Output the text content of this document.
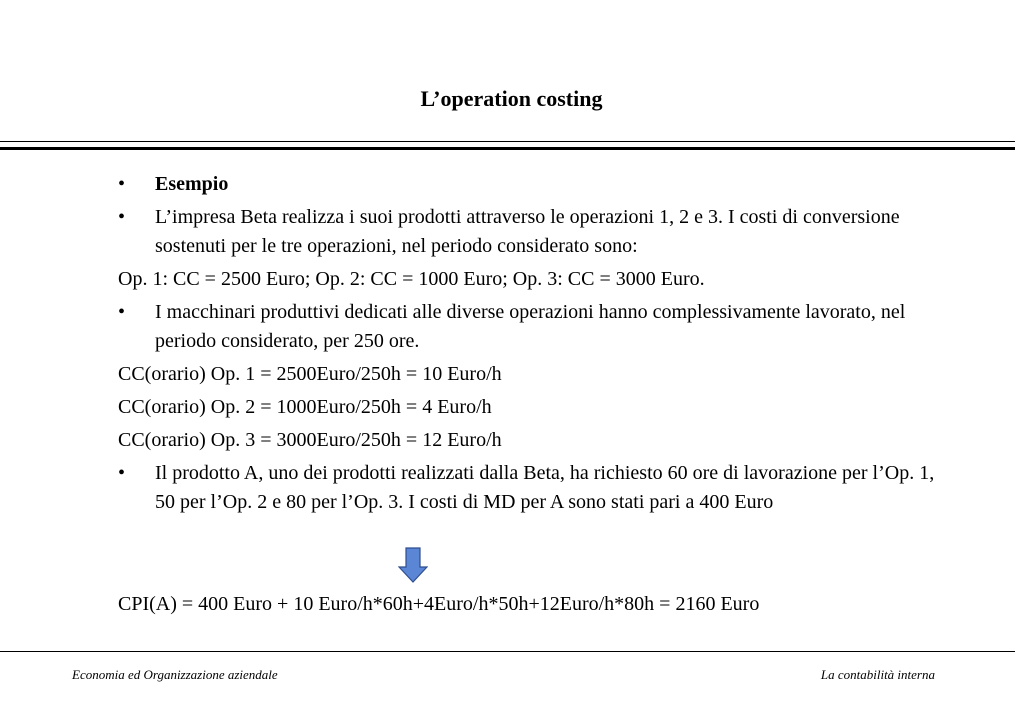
L’operation costing
• Esempio
• L’impresa Beta realizza i suoi prodotti attraverso le operazioni 1, 2 e 3. I costi di conversione sostenuti per le tre operazioni, nel periodo considerato sono:
Op. 1: CC = 2500 Euro; Op. 2: CC = 1000 Euro; Op. 3: CC = 3000 Euro.
• I macchinari produttivi dedicati alle diverse operazioni hanno complessivamente lavorato, nel periodo considerato, per 250 ore.
CC(orario) Op. 1 = 2500Euro/250h = 10 Euro/h
CC(orario) Op. 2 = 1000Euro/250h = 4 Euro/h
CC(orario) Op. 3 = 3000Euro/250h = 12 Euro/h
• Il prodotto A, uno dei prodotti realizzati dalla Beta, ha richiesto 60 ore di lavorazione per l’Op. 1, 50 per l’Op. 2 e 80 per l’Op. 3. I costi di MD per A sono stati pari a 400 Euro
CPI(A) = 400 Euro + 10 Euro/h*60h+4Euro/h*50h+12Euro/h*80h = 2160 Euro
Economia ed Organizzazione aziendale	La contabilità interna
